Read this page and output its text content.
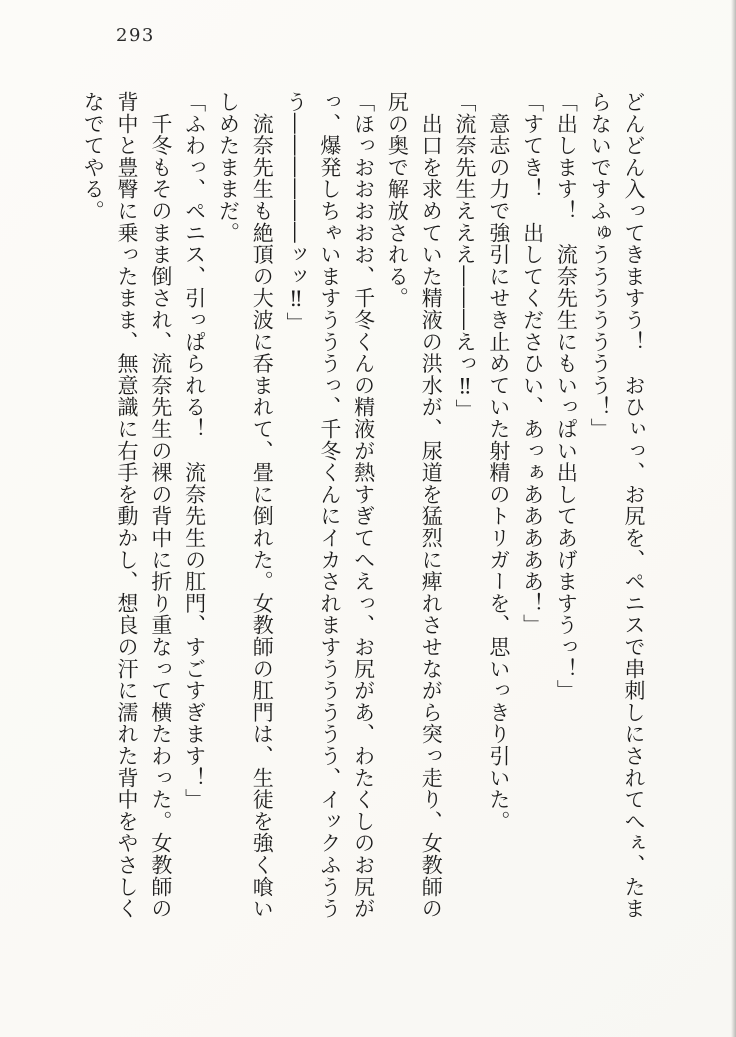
293

どんどん入ってきますう！　おひぃっ、お尻を、ペニスで串刺しにされてへぇ、たまらないですふゅううううううう！」

「出します！　流奈先生にもいっぱい出してあげますうっ！」

「すてき！　出してくださひい、あっぁあああああ！」

　意志の力で強引にせき止めていた射精のトリガーを、思いっきり引いた。

「流奈先生えええ―――えっ‼」

　出口を求めていた精液の洪水が、尿道を猛烈に痺れさせながら突っ走り、女教師の尻の奥で解放される。

「ほっおおおおお、千冬くんの精液が熱すぎてへえっ、お尻があ、わたくしのお尻がっ、爆発しちゃいますうううっ、千冬くんにイカされますううううう、イックふううう――――――ッッ‼」

　流奈先生も絶頂の大波に呑まれて、畳に倒れた。女教師の肛門は、生徒を強く喰いしめたままだ。

「ふわっ、ペニス、引っぱられる！　流奈先生の肛門、すごすぎます！」

　千冬もそのまま倒され、流奈先生の裸の背中に折り重なって横たわった。女教師の背中と豊臀に乗ったまま、無意識に右手を動かし、想良の汗に濡れた背中をやさしくなでてやる。
